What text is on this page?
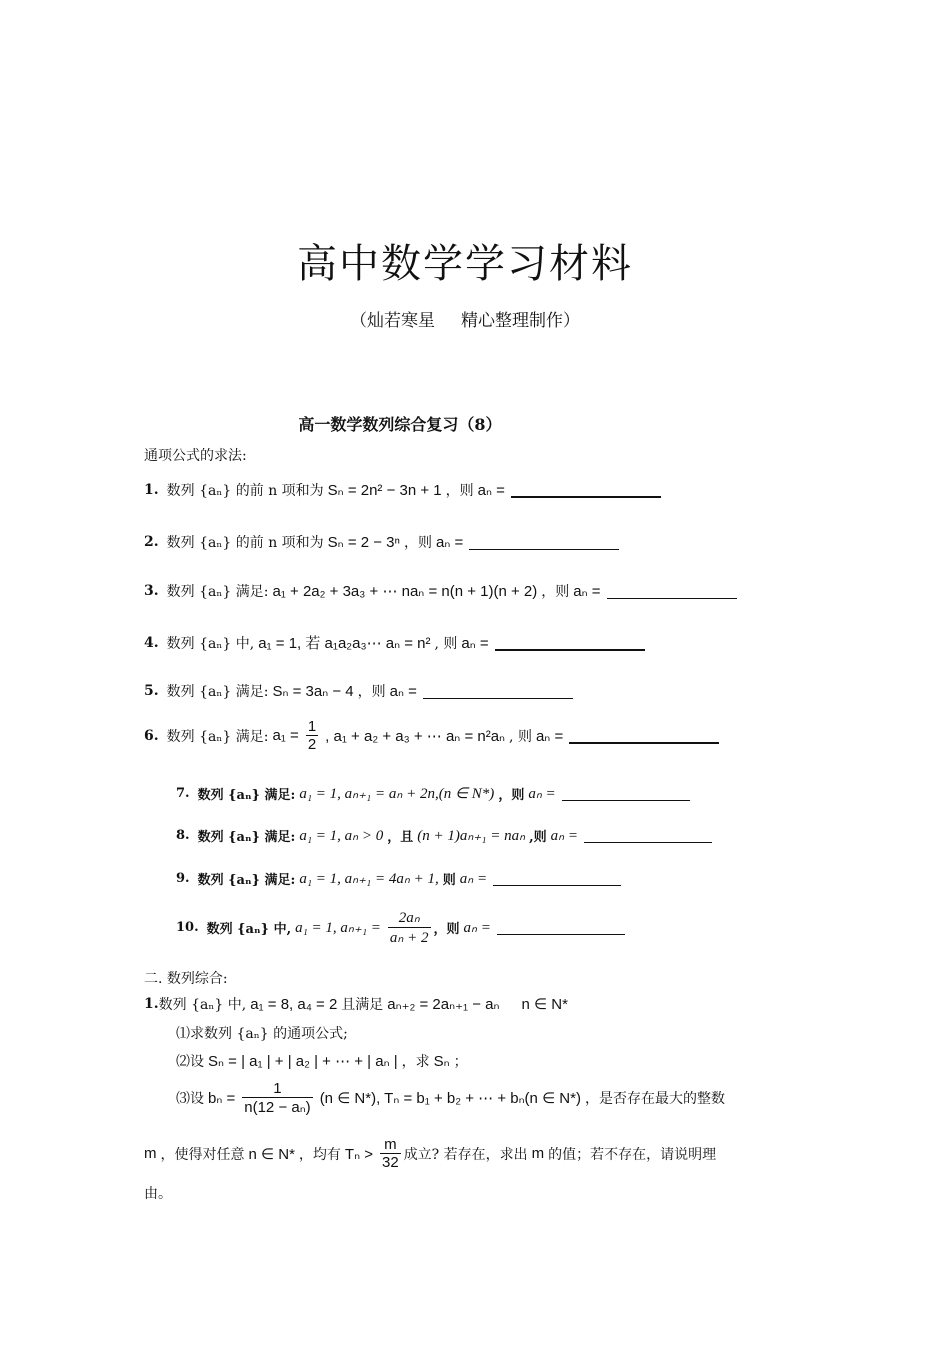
高中数学学习材料
（灿若寒星 精心整理制作）
高一数学数列综合复习（8）
通项公式的求法:
1. 数列 {aₙ} 的前 n 项和为 Sₙ = 2n² − 3n + 1 ，则 aₙ =
2. 数列 {aₙ} 的前 n 项和为 Sₙ = 2 − 3ⁿ ，则 aₙ =
3. 数列 {aₙ} 满足: a₁ + 2a₂ + 3a₃ + ⋯ naₙ = n(n + 1)(n + 2) ，则 aₙ =
4. 数列 {aₙ} 中, a₁ = 1, 若 a₁a₂a₃⋯ aₙ = n² , 则 aₙ =
5. 数列 {aₙ} 满足: Sₙ = 3aₙ − 4 ，则 aₙ =
6. 数列 {aₙ} 满足: $a_1 = \frac{1}{2}$ , a₁ + a₂ + a₃ + ⋯ aₙ = n²aₙ , 则 aₙ =
7. 数列 {aₙ} 满足: a₁ = 1, aₙ₊₁ = aₙ + 2n,(n ∈ N*) ，则 aₙ =
8. 数列 {aₙ} 满足: a₁ = 1, aₙ > 0 ，且 (n + 1)aₙ₊₁ = naₙ ,则 aₙ =
9. 数列 {aₙ} 满足: a₁ = 1, aₙ₊₁ = 4aₙ + 1, 则 aₙ =
10. 数列 {aₙ} 中, a₁ = 1, $a_{n+1} = \frac{\text{2aₙ}}{\text{aₙ + 2}}$ ，则 aₙ =
二. 数列综合:
1. 数列 {aₙ} 中, a₁ = 8, a₄ = 2 且满足 aₙ₊₂ = 2aₙ₊₁ − aₙ n ∈ N*
⑴求数列 {aₙ} 的通项公式;
⑵设 Sₙ = | a₁ | + | a₂ | + ⋯ + | aₙ | ，求 Sₙ ；
⑶设 $b_n = \frac{1}{\text{n(12 − aₙ)}} (n$ ∈ N*), Tₙ = b₁ + b₂ + ⋯ + bₙ(n ∈ N*) ，是否存在最大的整数
m ，使得对任意 n ∈ N* ，均有 $T_n > \frac{m}{32}$ 成立? 若存在，求出 m 的值；若不存在，请说明理
由。
